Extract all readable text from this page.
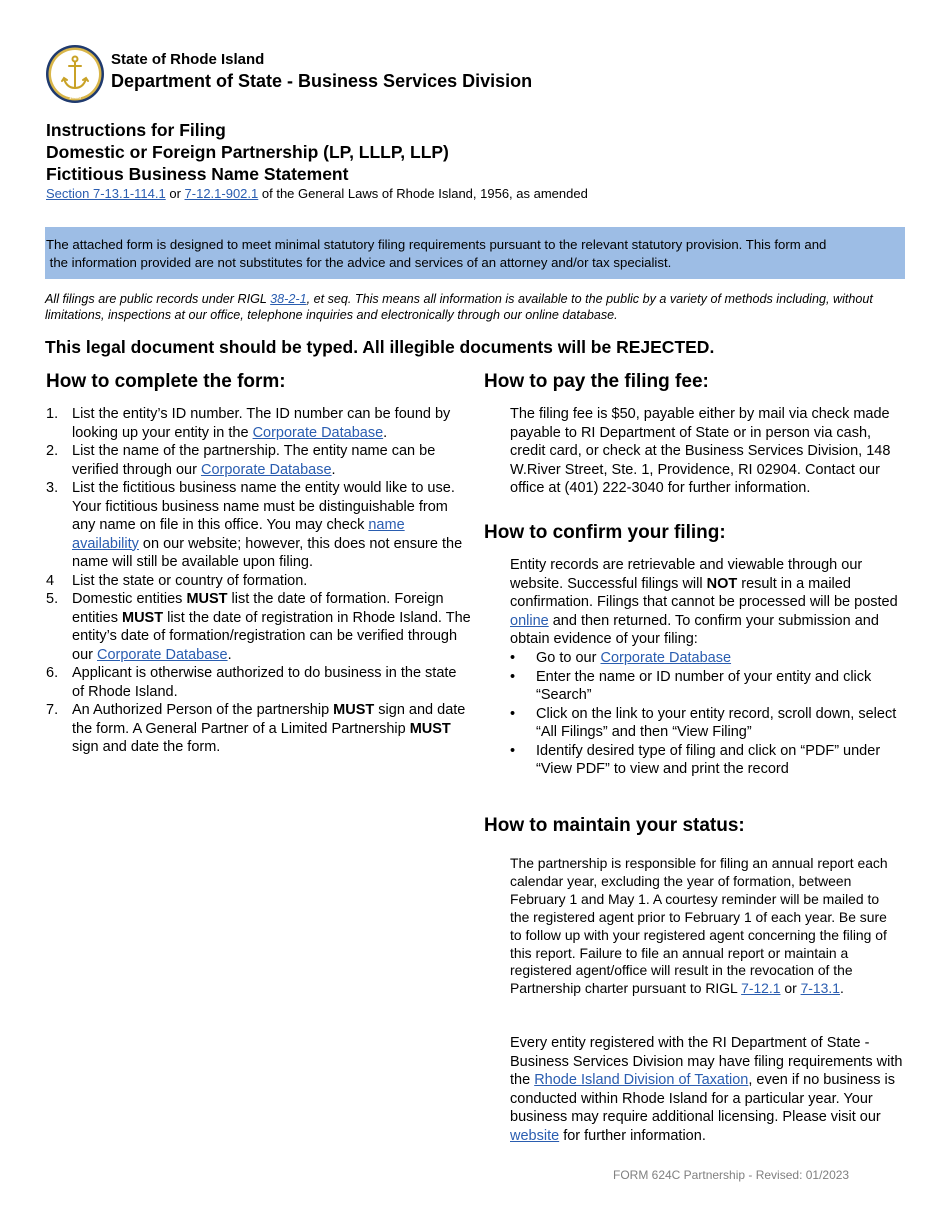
1636
State of Rhode Island
Department of State - Business Services Division
Instructions for Filing
Domestic or Foreign Partnership (LP, LLLP, LLP)
Fictitious Business Name Statement
Section 7-13.1-114.1 or 7-12.1-902.1 of the General Laws of Rhode Island, 1956, as amended
The attached form is designed to meet minimal statutory filing requirements pursuant to the relevant statutory provision. This form and
the information provided are not substitutes for the advice and services of an attorney and/or tax specialist.
All filings are public records under RIGL 38-2-1, et seq. This means all information is available to the public by a variety of methods including, without limitations, inspections at our office, telephone inquiries and electronically through our online database.
This legal document should be typed. All illegible documents will be REJECTED.
How to complete the form:
1. List the entity’s ID number. The ID number can be found by looking up your entity in the Corporate Database.
2. List the name of the partnership. The entity name can be verified through our Corporate Database.
3. List the fictitious business name the entity would like to use. Your fictitious business name must be distinguishable from any name on file in this office. You may check name availability on our website; however, this does not ensure the name will still be available upon filing.
4 List the state or country of formation.
5. Domestic entities MUST list the date of formation. Foreign entities MUST list the date of registration in Rhode Island. The entity’s date of formation/registration can be verified through our Corporate Database.
6. Applicant is otherwise authorized to do business in the state of Rhode Island.
7. An Authorized Person of the partnership MUST sign and date the form. A General Partner of a Limited Partnership MUST sign and date the form.
How to pay the filing fee:

The filing fee is $50, payable either by mail via check made payable to RI Department of State or in person via cash, credit card, or check at the Business Services Division, 148 W.River Street, Ste. 1, Providence, RI 02904. Contact our office at (401) 222-3040 for further information.

How to confirm your filing:

Entity records are retrievable and viewable through our website. Successful filings will NOT result in a mailed confirmation. Filings that cannot be processed will be posted online and then returned. To confirm your submission and obtain evidence of your filing:

• Go to our Corporate Database
• Enter the name or ID number of your entity and click “Search”
• Click on the link to your entity record, scroll down, select “All Filings” and then “View Filing”
• Identify desired type of filing and click on “PDF” under “View PDF” to view and print the record
How to maintain your status:

The partnership is responsible for filing an annual report each calendar year, excluding the year of formation, between February 1 and May 1. A courtesy reminder will be mailed to the registered agent prior to February 1 of each year. Be sure to follow up with your registered agent concerning the filing of this report. Failure to file an annual report or maintain a registered agent/office will result in the revocation of the Partnership charter pursuant to RIGL 7-12.1 or 7-13.1.

Every entity registered with the RI Department of State - Business Services Division may have filing requirements with the Rhode Island Division of Taxation, even if no business is conducted within Rhode Island for a particular year. Your business may require additional licensing. Please visit our website for further information.

FORM 624C Partnership - Revised: 01/2023
